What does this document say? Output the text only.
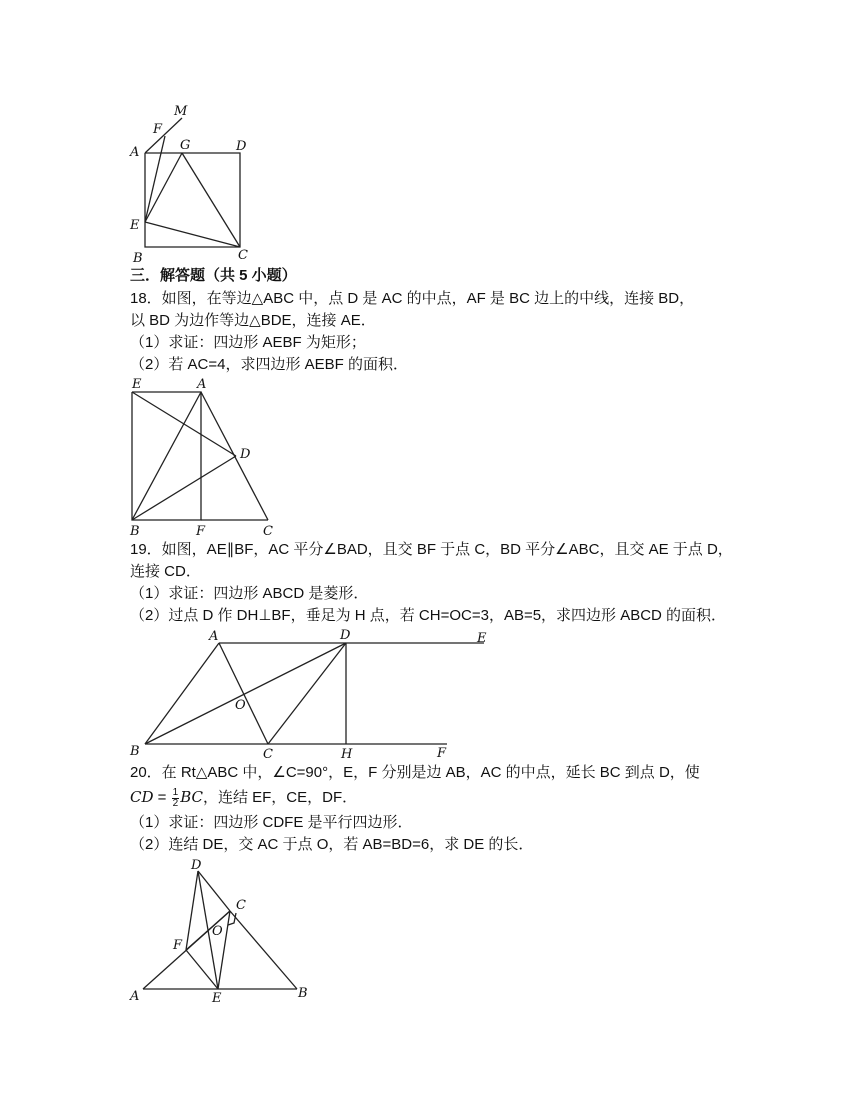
M
F
G
A	D
E
B	C
三．解答题（共 5 小题）
18．如图，在等边△ABC 中，点 D 是 AC 的中点，AF 是 BC 边上的中线，连接 BD，
以 BD 为边作等边△BDE，连接 AE．
（1）求证：四边形 AEBF 为矩形；
（2）若 AC=4，求四边形 AEBF 的面积．
E	A
D
B	F	C
19．如图，AE∥BF，AC 平分∠BAD，且交 BF 于点 C，BD 平分∠ABC，且交 AE 于点 D，
连接 CD．
（1）求证：四边形 ABCD 是菱形．
（2）过点 D 作 DH⊥BF，垂足为 H 点，若 CH=OC=3，AB=5，求四边形 ABCD 的面积．
A	D	E
O
B	C	H	F
20．在 Rt△ABC 中，∠C=90°，E，F 分别是边 AB，AC 的中点，延长 BC 到点 D，使
CD = $\frac{1}{2}$ BC，连结 EF，CE，DF．
（1）求证：四边形 CDFE 是平行四边形．
（2）连结 DE，交 AC 于点 O，若 AB=BD=6，求 DE 的长．
D
C
F
O
A	E	B
